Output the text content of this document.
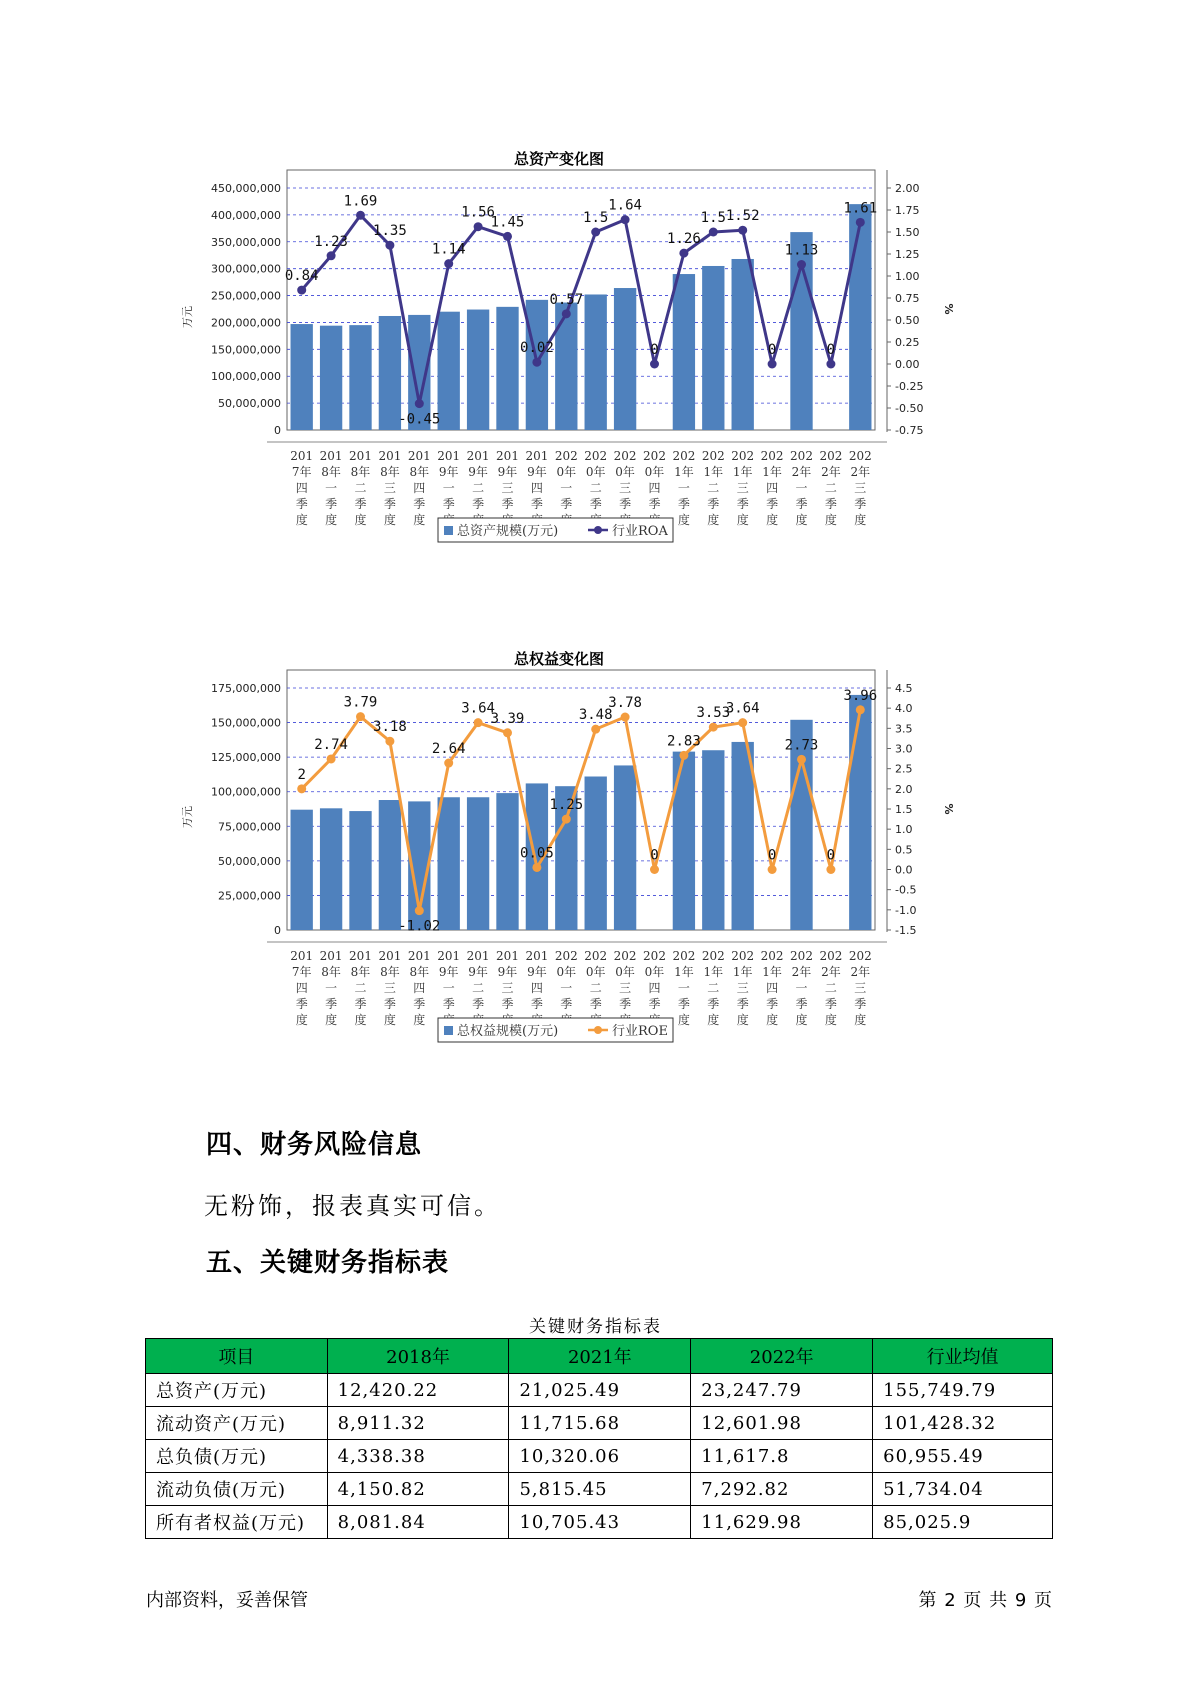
总资产变化图
0
50,000,000
100,000,000
150,000,000
200,000,000
250,000,000
300,000,000
350,000,000
400,000,000
450,000,000
-0.75
-0.50
-0.25
0.00
0.25
0.50
0.75
1.00
1.25
1.50
1.75
2.00
万元	%
201 7年四季度
201 8年一季度
201 8年二季度
201 8年三季度
201 8年四季度
201 9年一季
201 9年二季
201 9年三季
201 9年四季
202 0年一季
202 0年二季
202 0年三季
202 0年四季
202 1年一季度
202 1年二季度
202 1年三季度
202 1年四季度
202 2年一季度
202 2年二季度
202 2年三季度
0.84
1.23
1.69
1.35
-0.45
1.14
1.56
1.45
0.02
0.57
1.5
1.64
0
1.26
1.5 1.52
0
1.13
0
1.61
总资产规模(万元)	行业ROA
总权益变化图
0
25,000,000
50,000,000
75,000,000
100,000,000
125,000,000
150,000,000
175,000,000
-1.5
-1.0
-0.5
0.0
0.5
1.0
1.5
2.0
2.5
3.0
3.5
4.0
4.5
万元	%
201 7年四季度
201 8年一季度
201 8年二季度
201 8年三季度
201 8年四季度
201 9年一季
201 9年二季
201 9年三季
201 9年四季
202 0年一季
202 0年二季
202 0年三季
202 0年四季
202 1年一季度
202 1年二季度
202 1年三季度
202 1年四季度
202 2年一季度
202 2年二季度
202 2年三季度
2
2.74
3.79
3.18
-1.02
2.64
3.64
3.39
0.05
1.25
3.48
3.78
0
2.83
3.53
3.64
0
2.73
0
3.96
总权益规模(万元)	行业ROE
四、财务风险信息

无粉饰，报表真实可信。

五、关键财务指标表
关键财务指标表
项目	2018年	2021年	2022年	行业均值
总资产(万元)	12,420.22	21,025.49	23,247.79	155,749.79
流动资产(万元)	8,911.32	11,715.68	12,601.98	101,428.32
总负债(万元)	4,338.38	10,320.06	11,617.8	60,955.49
流动负债(万元)	4,150.82	5,815.45	7,292.82	51,734.04
所有者权益(万元)	8,081.84	10,705.43	11,629.98	85,025.9
内部资料，妥善保管	第 2 页 共 9 页
